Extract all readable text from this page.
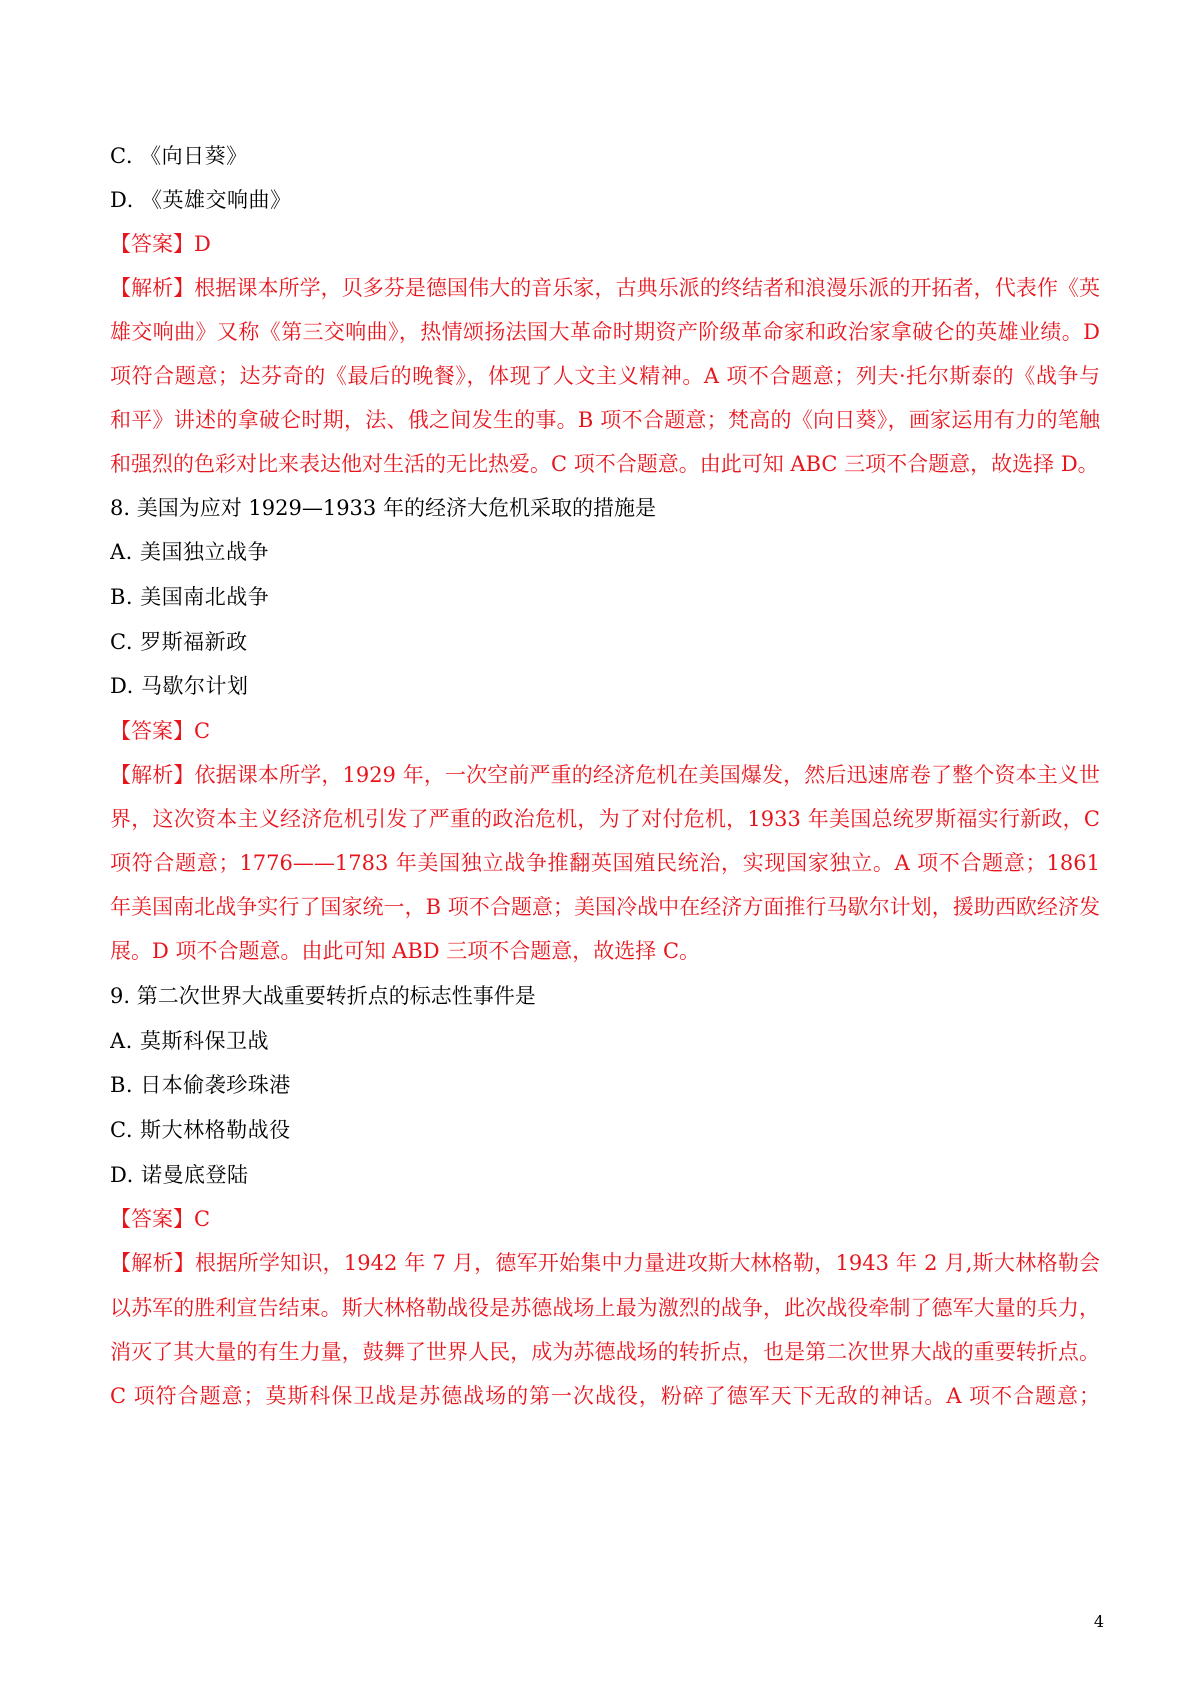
C. 《向日葵》
D. 《英雄交响曲》
【答案】D
【解析】根据课本所学，贝多芬是德国伟大的音乐家，古典乐派的终结者和浪漫乐派的开拓者，代表作《英
雄交响曲》又称《第三交响曲》，热情颂扬法国大革命时期资产阶级革命家和政治家拿破仑的英雄业绩。D
项符合题意；达芬奇的《最后的晚餐》，体现了人文主义精神。A 项不合题意；列夫·托尔斯泰的《战争与
和平》讲述的拿破仑时期，法、俄之间发生的事。B 项不合题意；梵高的《向日葵》，画家运用有力的笔触
和强烈的色彩对比来表达他对生活的无比热爱。C 项不合题意。由此可知 ABC 三项不合题意，故选择 D。
8. 美国为应对 1929—1933 年的经济大危机采取的措施是
A. 美国独立战争
B. 美国南北战争
C. 罗斯福新政
D. 马歇尔计划
【答案】C
【解析】依据课本所学，1929 年，一次空前严重的经济危机在美国爆发，然后迅速席卷了整个资本主义世
界，这次资本主义经济危机引发了严重的政治危机，为了对付危机，1933 年美国总统罗斯福实行新政，C
项符合题意；1776——1783 年美国独立战争推翻英国殖民统治，实现国家独立。A 项不合题意；1861
年美国南北战争实行了国家统一，B 项不合题意；美国冷战中在经济方面推行马歇尔计划，援助西欧经济发
展。D 项不合题意。由此可知 ABD 三项不合题意，故选择 C。
9. 第二次世界大战重要转折点的标志性事件是
A. 莫斯科保卫战
B. 日本偷袭珍珠港
C. 斯大林格勒战役
D. 诺曼底登陆
【答案】C
【解析】根据所学知识，1942 年 7 月，德军开始集中力量进攻斯大林格勒，1943 年 2 月,斯大林格勒会
以苏军的胜利宣告结束。斯大林格勒战役是苏德战场上最为激烈的战争，此次战役牵制了德军大量的兵力，
消灭了其大量的有生力量，鼓舞了世界人民，成为苏德战场的转折点，也是第二次世界大战的重要转折点。
C 项符合题意；莫斯科保卫战是苏德战场的第一次战役，粉碎了德军天下无敌的神话。A 项不合题意；
4
